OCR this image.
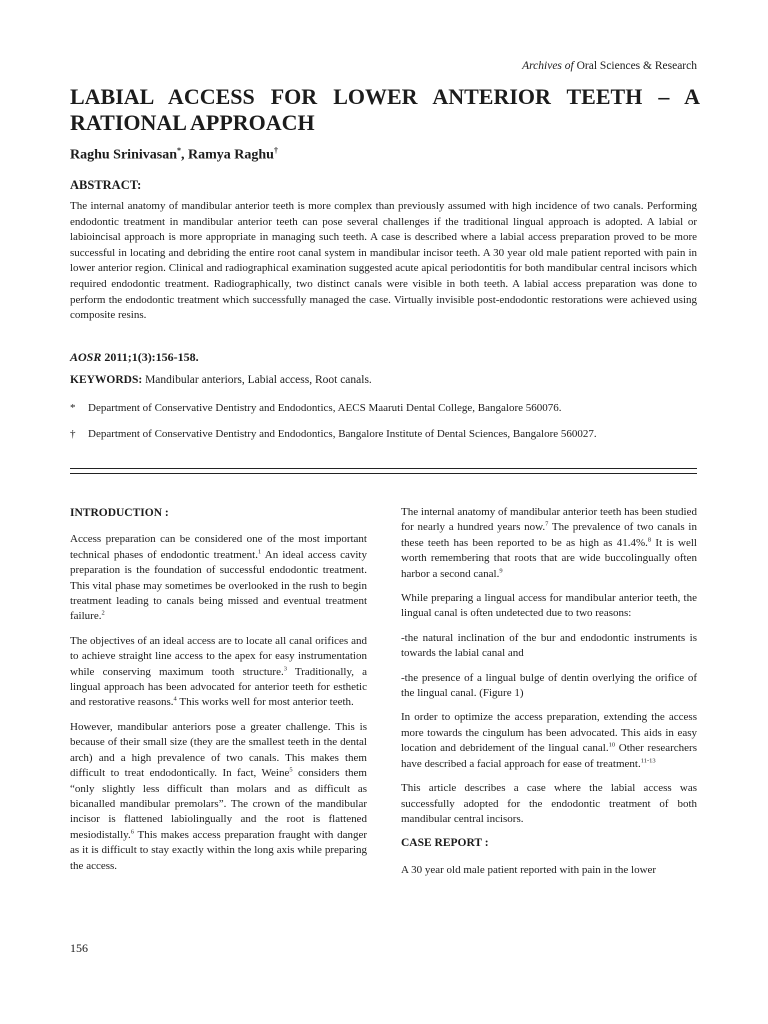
Archives of Oral Sciences & Research
LABIAL ACCESS FOR LOWER ANTERIOR TEETH – A RATIONAL APPROACH
Raghu Srinivasan*, Ramya Raghu†
ABSTRACT:

The internal anatomy of mandibular anterior teeth is more complex than previously assumed with high incidence of two canals. Performing endodontic treatment in mandibular anterior teeth can pose several challenges if the traditional lingual approach is adopted. A labial or labioincisal approach is more appropriate in managing such teeth. A case is described where a labial access preparation proved to be more successful in locating and debriding the entire root canal system in mandibular incisor teeth. A 30 year old male patient reported with pain in lower anterior region. Clinical and radiographical examination suggested acute apical periodontitis for both mandibular central incisors which required endodontic treatment. Radiographically, two distinct canals were visible in both teeth. A labial access preparation was done to perform the endodontic treatment which successfully managed the case. Virtually invisible post-endodontic restorations were achieved using composite resins.

AOSR 2011;1(3):156-158.
KEYWORDS: Mandibular anteriors, Labial access, Root canals.
* Department of Conservative Dentistry and Endodontics, AECS Maaruti Dental College, Bangalore 560076.
† Department of Conservative Dentistry and Endodontics, Bangalore Institute of Dental Sciences, Bangalore 560027.

INTRODUCTION :

Access preparation can be considered one of the most important technical phases of endodontic treatment.$^1$ An ideal access cavity preparation is the foundation of successful endodontic treatment. This vital phase may sometimes be overlooked in the rush to begin treatment leading to canals being missed and eventual treatment failure.$^2$

The objectives of an ideal access are to locate all canal orifices and to achieve straight line access to the apex for easy instrumentation while conserving maximum tooth structure.$^3$ Traditionally, a lingual approach has been advocated for anterior teeth for esthetic and restorative reasons.$^4$ This works well for most anterior teeth.

However, mandibular anteriors pose a greater challenge. This is because of their small size (they are the smallest teeth in the dental arch) and a high prevalence of two canals. This makes them difficult to treat endodontically. In fact, Weine$^5$ considers them “only slightly less difficult than molars and as difficult as bicanalled mandibular premolars”. The crown of the mandibular incisor is flattened labiolingually and the root is flattened mesiodistally.$^6$ This makes access preparation fraught with danger as it is difficult to stay exactly within the long axis while preparing the access.

The internal anatomy of mandibular anterior teeth has been studied for nearly a hundred years now.$^7$ The prevalence of two canals in these teeth has been reported to be as high as 41.4%.$^8$ It is well worth remembering that roots that are wide buccolingually often harbor a second canal.$^9$

While preparing a lingual access for mandibular anterior teeth, the lingual canal is often undetected due to two reasons:

-the natural inclination of the bur and endodontic instruments is towards the labial canal and

-the presence of a lingual bulge of dentin overlying the orifice of the lingual canal. (Figure 1)

In order to optimize the access preparation, extending the access more towards the cingulum has been advocated. This aids in easy location and debridement of the lingual canal.$^{10}$ Other researchers have described a facial approach for ease of treatment.$^{11-13}$

This article describes a case where the labial access was successfully adopted for the endodontic treatment of both mandibular central incisors.

CASE REPORT :

A 30 year old male patient reported with pain in the lower

156
